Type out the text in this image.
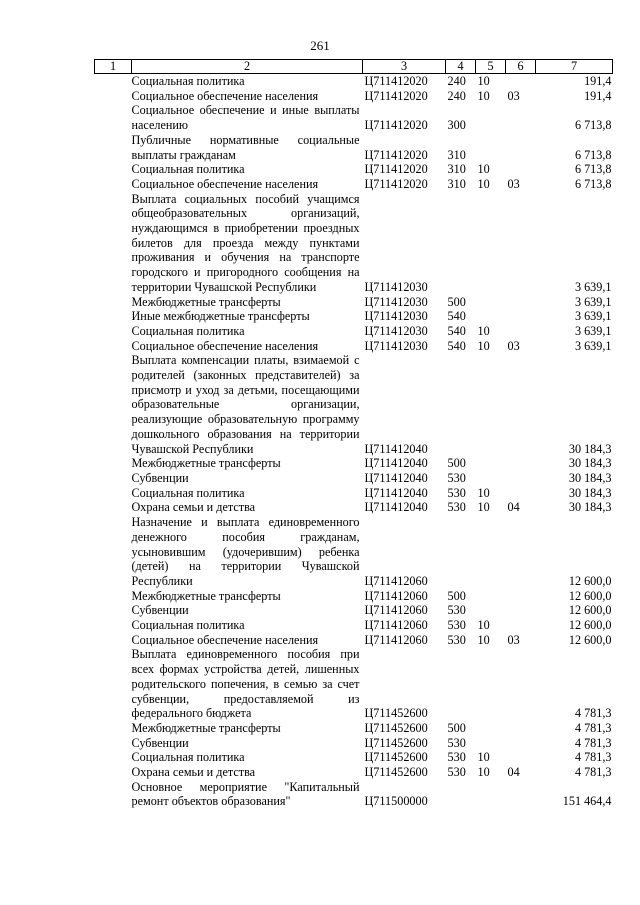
261
1	2	3	4	5	6	7
	Социальная политика	Ц711412020	240	10		191,4
	Социальное обеспечение населения	Ц711412020	240	10	03	191,4
	Социальное обеспечение и иные выплаты населению	Ц711412020	300			6 713,8
	Публичные нормативные социальные выплаты гражданам	Ц711412020	310			6 713,8
	Социальная политика	Ц711412020	310	10		6 713,8
	Социальное обеспечение населения	Ц711412020	310	10	03	6 713,8
	Выплата социальных пособий учащимся общеобразовательных организаций, нуждающимся в приобретении проездных билетов для проезда между пунктами проживания и обучения на транспорте городского и пригородного сообщения на территории Чувашской Республики	Ц711412030				3 639,1
	Межбюджетные трансферты	Ц711412030	500			3 639,1
	Иные межбюджетные трансферты	Ц711412030	540			3 639,1
	Социальная политика	Ц711412030	540	10		3 639,1
	Социальное обеспечение населения	Ц711412030	540	10	03	3 639,1
	Выплата компенсации платы, взимаемой с родителей (законных представителей) за присмотр и уход за детьми, посещающими образовательные организации, реализующие образовательную программу дошкольного образования на территории Чувашской Республики	Ц711412040				30 184,3
	Межбюджетные трансферты	Ц711412040	500			30 184,3
	Субвенции	Ц711412040	530			30 184,3
	Социальная политика	Ц711412040	530	10		30 184,3
	Охрана семьи и детства	Ц711412040	530	10	04	30 184,3
	Назначение и выплата единовременного денежного пособия гражданам, усыновившим (удочерившим) ребенка (детей) на территории Чувашской Республики	Ц711412060				12 600,0
	Межбюджетные трансферты	Ц711412060	500			12 600,0
	Субвенции	Ц711412060	530			12 600,0
	Социальная политика	Ц711412060	530	10		12 600,0
	Социальное обеспечение населения	Ц711412060	530	10	03	12 600,0
	Выплата единовременного пособия при всех формах устройства детей, лишенных родительского попечения, в семью за счет субвенции, предоставляемой из федерального бюджета	Ц711452600				4 781,3
	Межбюджетные трансферты	Ц711452600	500			4 781,3
	Субвенции	Ц711452600	530			4 781,3
	Социальная политика	Ц711452600	530	10		4 781,3
	Охрана семьи и детства	Ц711452600	530	10	04	4 781,3
	Основное мероприятие "Капитальный ремонт объектов образования"	Ц711500000				151 464,4
